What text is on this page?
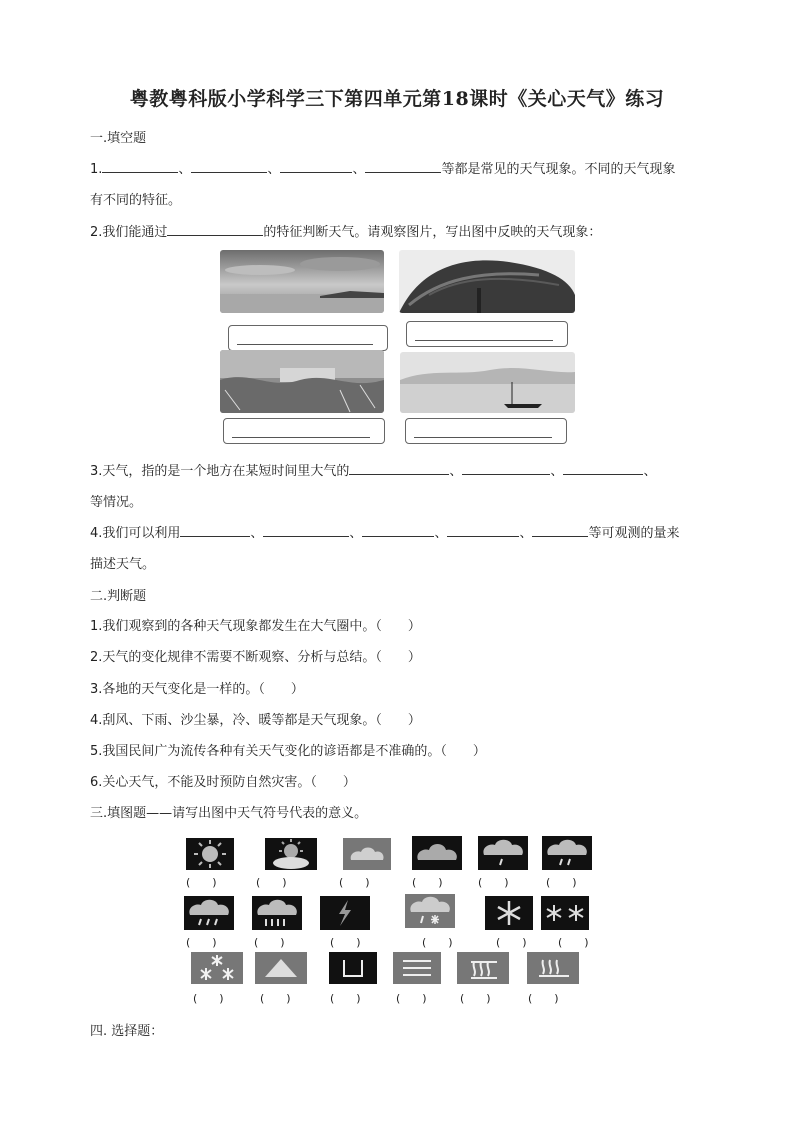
粤教粤科版小学科学三下第四单元第18课时《关心天气》练习
一.填空题
1.	、	、	、	等都是常见的天气现象。不同的天气现象
有不同的特征。
2.我们能通过	的特征判断天气。请观察图片，写出图中反映的天气现象：
3.天气，指的是一个地方在某短时间里大气的	、	、	、
等情况。
4.我们可以利用	、	、	、	、	等可观测的量来
描述天气。
二.判断题
1.我们观察到的各种天气现象都发生在大气圈中。（　　）
2.天气的变化规律不需要不断观察、分析与总结。（　　）
3.各地的天气变化是一样的。（　　）
4.刮风、下雨、沙尘暴，冷、暖等都是天气现象。（　　）
5.我国民间广为流传各种有关天气变化的谚语都是不准确的。（　　）
6.关心天气，不能及时预防自然灾害。（　　）
三.填图题——请写出图中天气符号代表的意义。
(　　)	(　　)	(　　)	(　　)	(　　)	(　　)
(　　)	(　　)	(　　)	(　　)	(　　)	(　　)
(　　)	(　　)	(　　)	(　　)	(　　)	(　　)
四. 选择题：
